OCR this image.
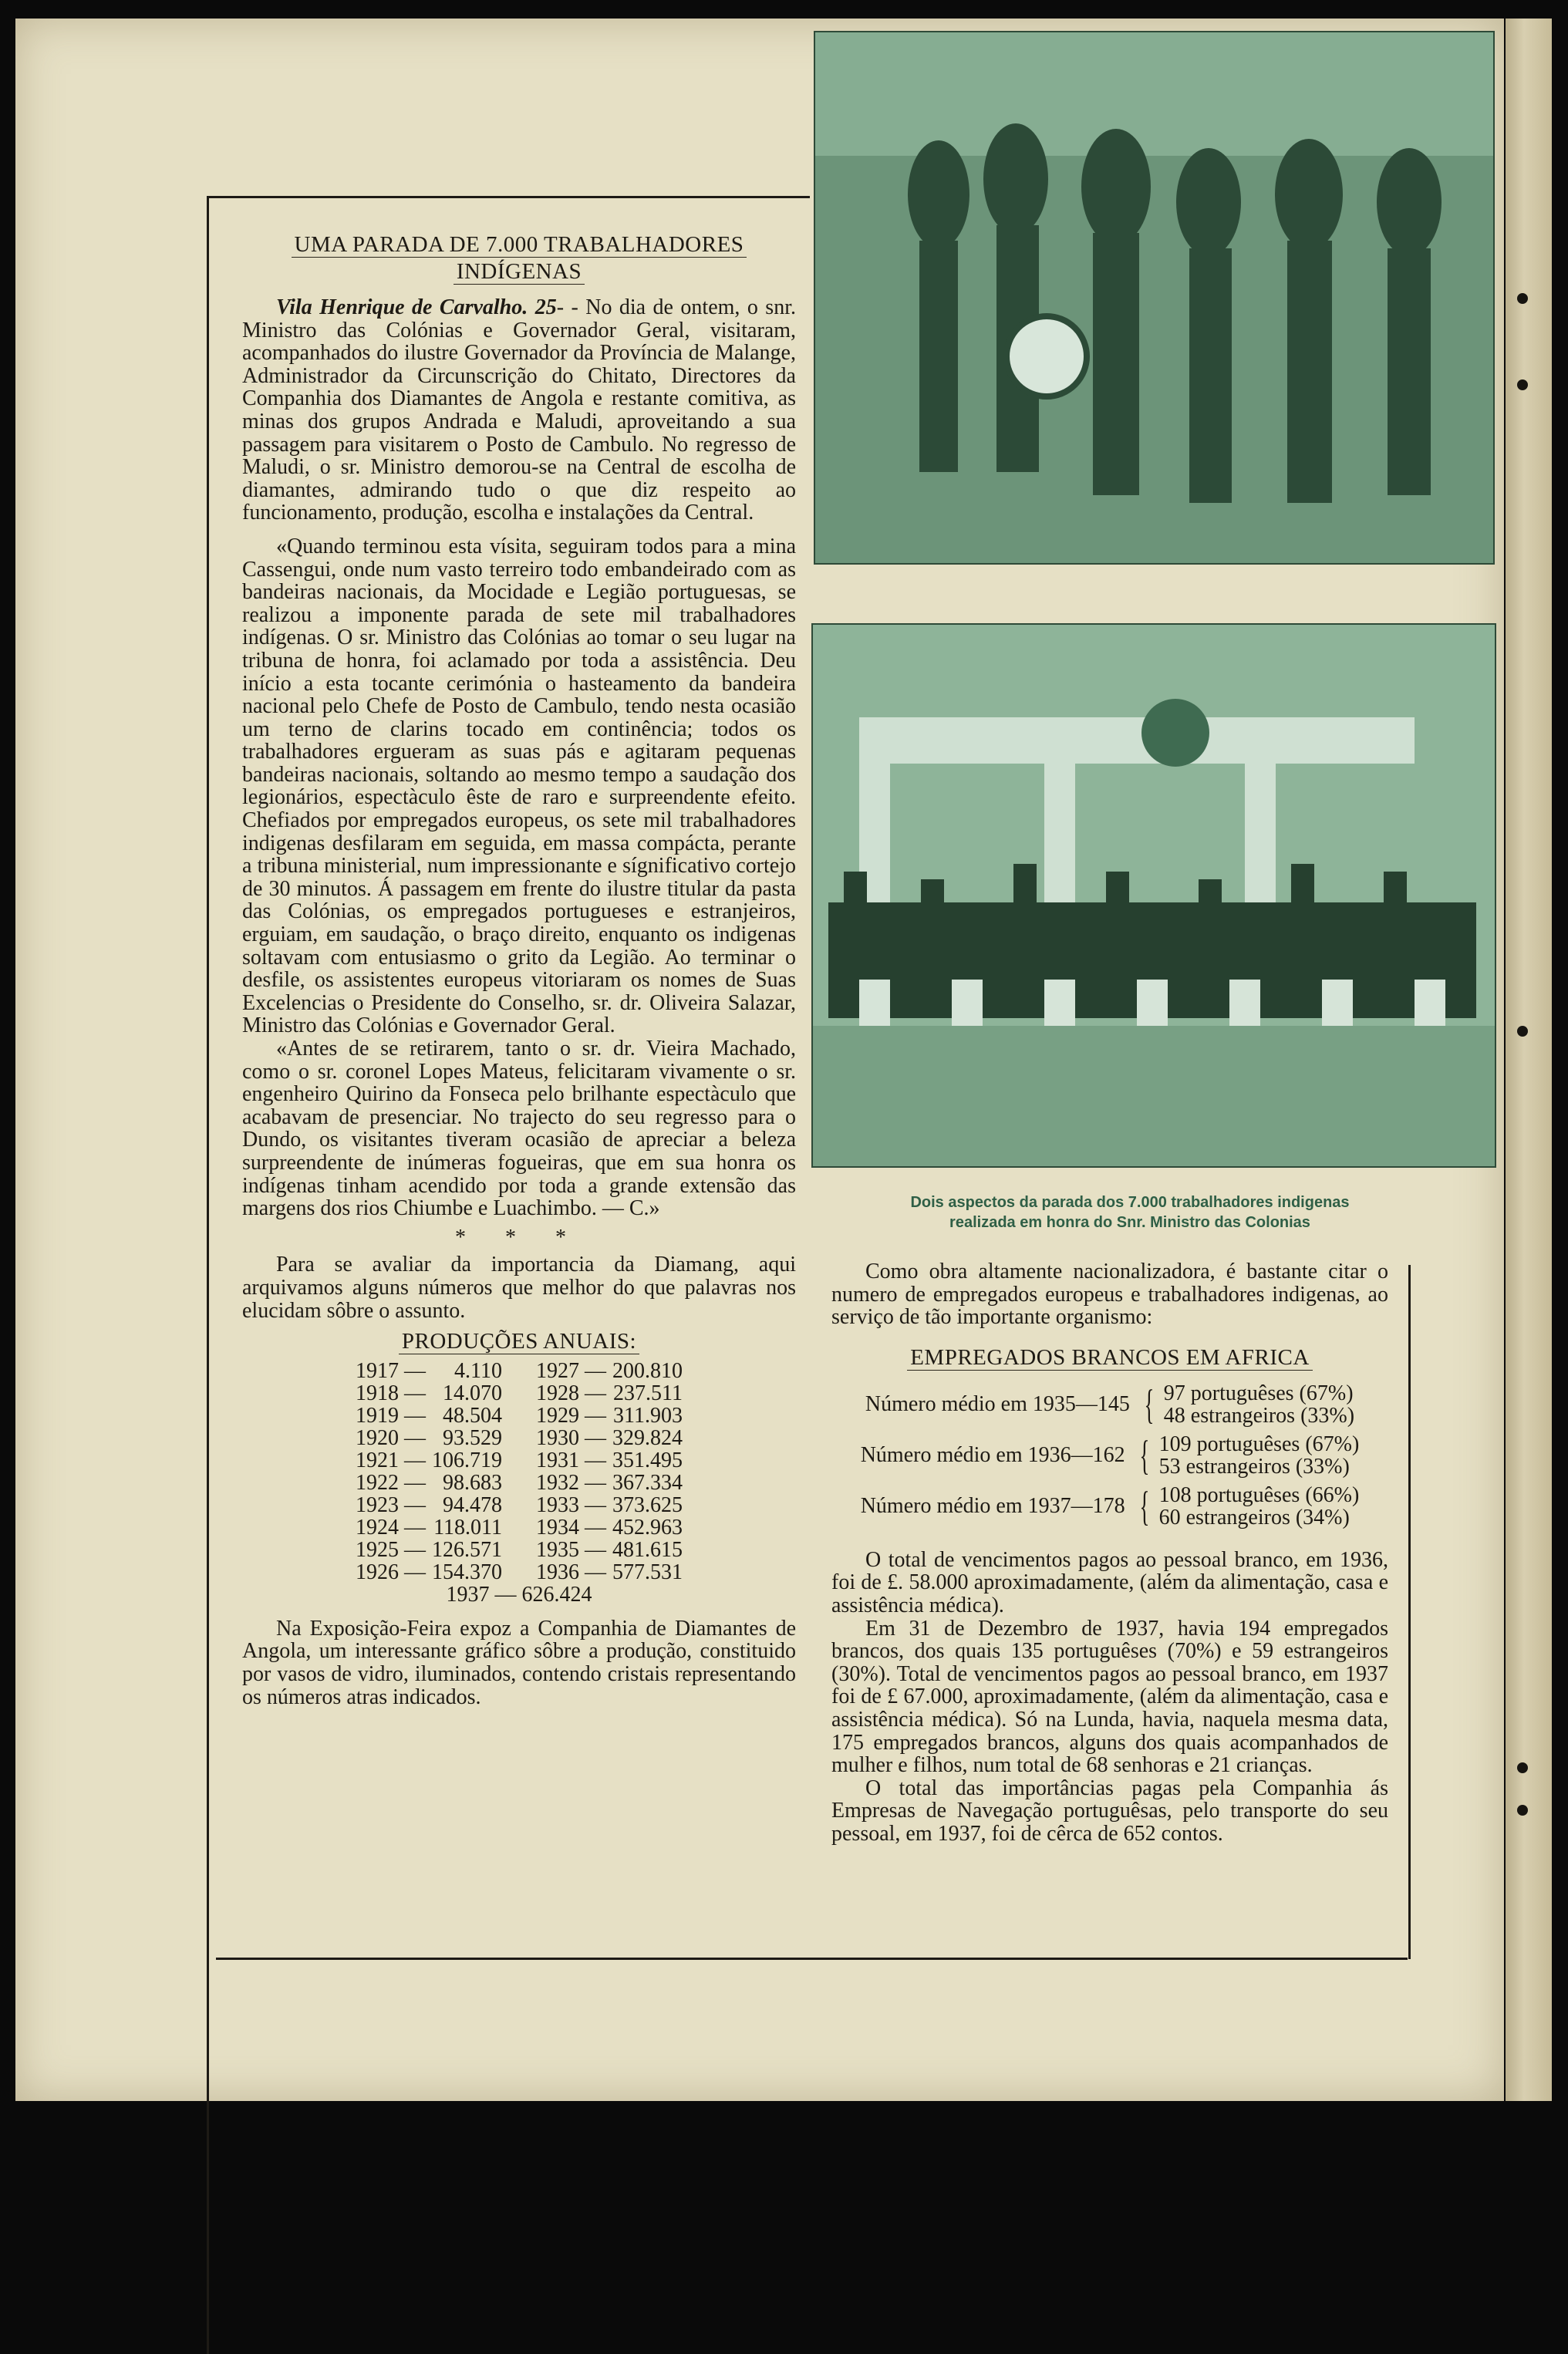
Dois aspectos da parada dos 7.000 trabalhadores indigenas
realizada em honra do Snr. Ministro das Colonias
UMA PARADA DE 7.000 TRABALHADORES
INDÍGENAS

Vila Henrique de Carvalho. 25- - No dia de ontem, o snr. Ministro das Colónias e Governador Geral, visitaram, acompanhados do ilustre Governador da Província de Malange, Administrador da Circunscrição do Chitato, Directores da Companhia dos Diamantes de Angola e restante comitiva, as minas dos grupos Andrada e Maludi, aproveitando a sua passagem para visitarem o Posto de Cambulo. No regresso de Maludi, o sr. Ministro demorou-se na Central de escolha de diamantes, admirando tudo o que diz respeito ao funcionamento, produção, escolha e instalações da Central.

«Quando terminou esta vísita, seguiram todos para a mina Cassengui, onde num vasto terreiro todo embandeirado com as bandeiras nacionais, da Mocidade e Legião portuguesas, se realizou a imponente parada de sete mil trabalhadores indígenas. O sr. Ministro das Colónias ao tomar o seu lugar na tribuna de honra, foi aclamado por toda a assistência. Deu início a esta tocante cerimónia o hasteamento da bandeira nacional pelo Chefe de Posto de Cambulo, tendo nesta ocasião um terno de clarins tocado em continência; todos os trabalhadores ergueram as suas pás e agitaram pequenas bandeiras nacionais, soltando ao mesmo tempo a saudação dos legionários, espectàculo êste de raro e surpreendente efeito. Chefiados por empregados europeus, os sete mil trabalhadores indigenas desfilaram em seguida, em massa compácta, perante a tribuna ministerial, num impressionante e sígnificativo cortejo de 30 minutos. Á passagem em frente do ilustre titular da pasta das Colónias, os empregados portugueses e estranjeiros, erguiam, em saudação, o braço direito, enquanto os indigenas soltavam com entusiasmo o grito da Legião. Ao terminar o desfile, os assistentes europeus vitoriaram os nomes de Suas Excelencias o Presidente do Conselho, sr. dr. Oliveira Salazar, Ministro das Colónias e Governador Geral.

«Antes de se retirarem, tanto o sr. dr. Vieira Machado, como o sr. coronel Lopes Mateus, felicitaram vivamente o sr. engenheiro Quirino da Fonseca pelo brilhante espectàculo que acabavam de presenciar. No trajecto do seu regresso para o Dundo, os visitantes tiveram ocasião de apreciar a beleza surpreendente de inúmeras fogueiras, que em sua honra os indígenas tinham acendido por toda a grande extensão das margens dos rios Chiumbe e Luachimbo. — C.»

* * *

Para se avaliar da importancia da Diamang, aqui arquivamos alguns números que melhor do que palavras nos elucidam sôbre o assunto.

PRODUÇÕES ANUAIS:
1917 —	4.110	1927 —	200.810
1918 —	14.070	1928 —	237.511
1919 —	48.504	1929 —	311.903
1920 —	93.529	1930 —	329.824
1921 —	106.719	1931 —	351.495
1922 —	98.683	1932 —	367.334
1923 —	94.478	1933 —	373.625
1924 —	118.011	1934 —	452.963
1925 —	126.571	1935 —	481.615
1926 —	154.370	1936 —	577.531
1937 — 626.424

Na Exposição-Feira expoz a Companhia de Diamantes de Angola, um interessante gráfico sôbre a produção, constituido por vasos de vidro, iluminados, contendo cristais representando os números atras indicados.

Como obra altamente nacionalizadora, é bastante citar o numero de empregados europeus e trabalhadores indigenas, ao serviço de tão importante organismo:

EMPREGADOS BRANCOS EM AFRICA
Número médio em 1935—145 { 97 portuguêses (67%)
48 estrangeiros (33%)
Número médio em 1936—162 { 109 portuguêses (67%)
53 estrangeiros (33%)
Número médio em 1937—178 { 108 portuguêses (66%)
60 estrangeiros (34%)

O total de vencimentos pagos ao pessoal branco, em 1936, foi de £. 58.000 aproximadamente, (além da alimentação, casa e assistência médica).

Em 31 de Dezembro de 1937, havia 194 empregados brancos, dos quais 135 portuguêses (70%) e 59 estrangeiros (30%). Total de vencimentos pagos ao pessoal branco, em 1937 foi de £ 67.000, aproximadamente, (além da alimentação, casa e assistência médica). Só na Lunda, havia, naquela mesma data, 175 empregados brancos, alguns dos quais acompanhados de mulher e filhos, num total de 68 senhoras e 21 crianças.

O total das importâncias pagas pela Companhia ás Empresas de Navegação portuguêsas, pelo transporte do seu pessoal, em 1937, foi de cêrca de 652 contos.
